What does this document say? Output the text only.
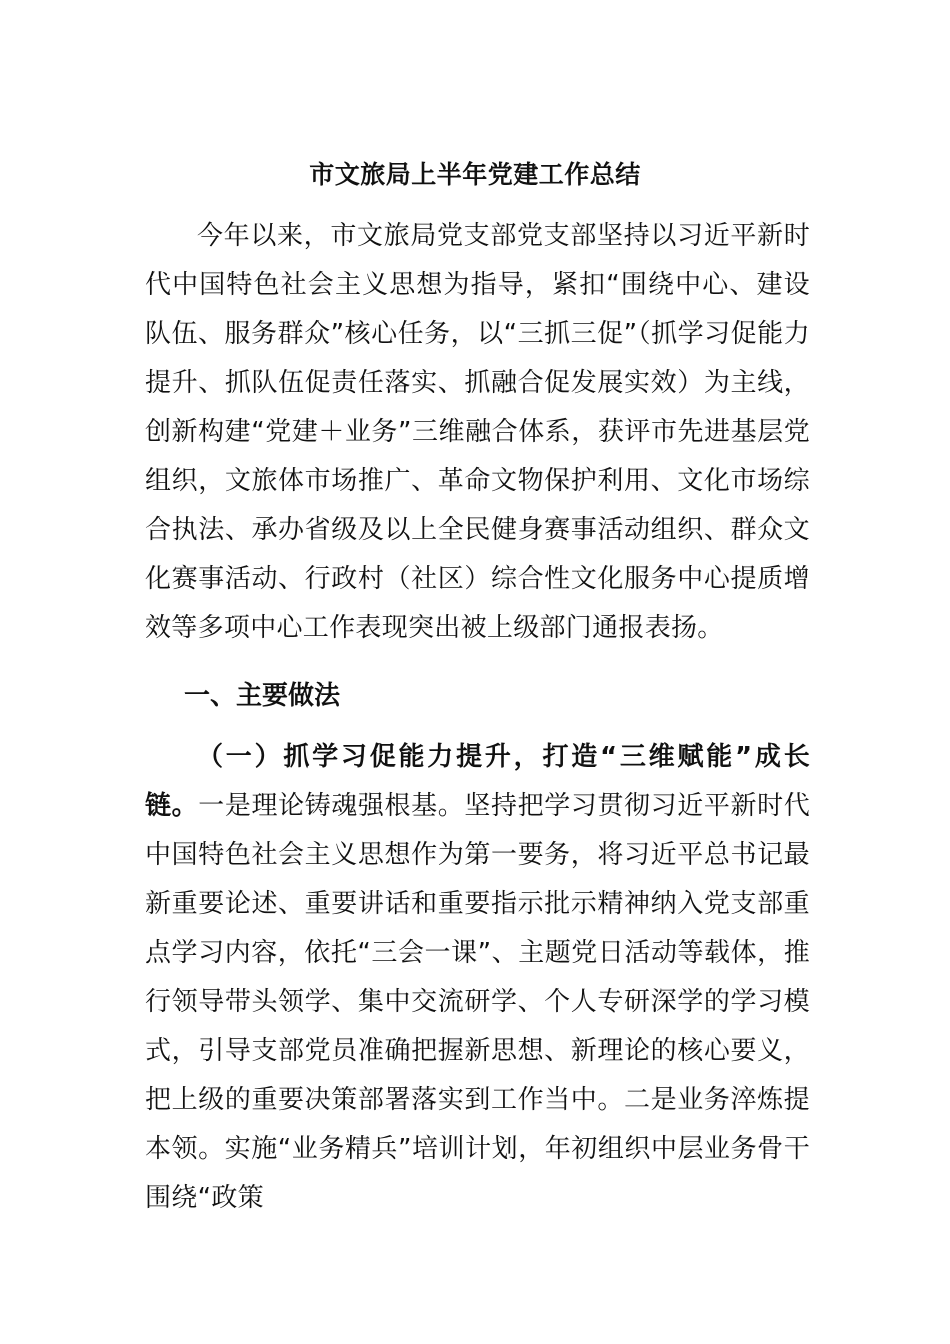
市文旅局上半年党建工作总结

今年以来，市文旅局党支部党支部坚持以习近平新时代中国特色社会主义思想为指导，紧扣“围绕中心、建设队伍、服务群众”核心任务，以“三抓三促”（抓学习促能力提升、抓队伍促责任落实、抓融合促发展实效）为主线，创新构建“党建＋业务”三维融合体系，获评市先进基层党组织，文旅体市场推广、革命文物保护利用、文化市场综合执法、承办省级及以上全民健身赛事活动组织、群众文化赛事活动、行政村（社区）综合性文化服务中心提质增效等多项中心工作表现突出被上级部门通报表扬。

一、主要做法

（一）抓学习促能力提升，打造“三维赋能”成长链。一是理论铸魂强根基。坚持把学习贯彻习近平新时代中国特色社会主义思想作为第一要务，将习近平总书记最新重要论述、重要讲话和重要指示批示精神纳入党支部重点学习内容，依托“三会一课”、主题党日活动等载体，推行领导带头领学、集中交流研学、个人专研深学的学习模式，引导支部党员准确把握新思想、新理论的核心要义，把上级的重要决策部署落实到工作当中。二是业务淬炼提本领。实施“业务精兵”培训计划，年初组织中层业务骨干围绕“政策
